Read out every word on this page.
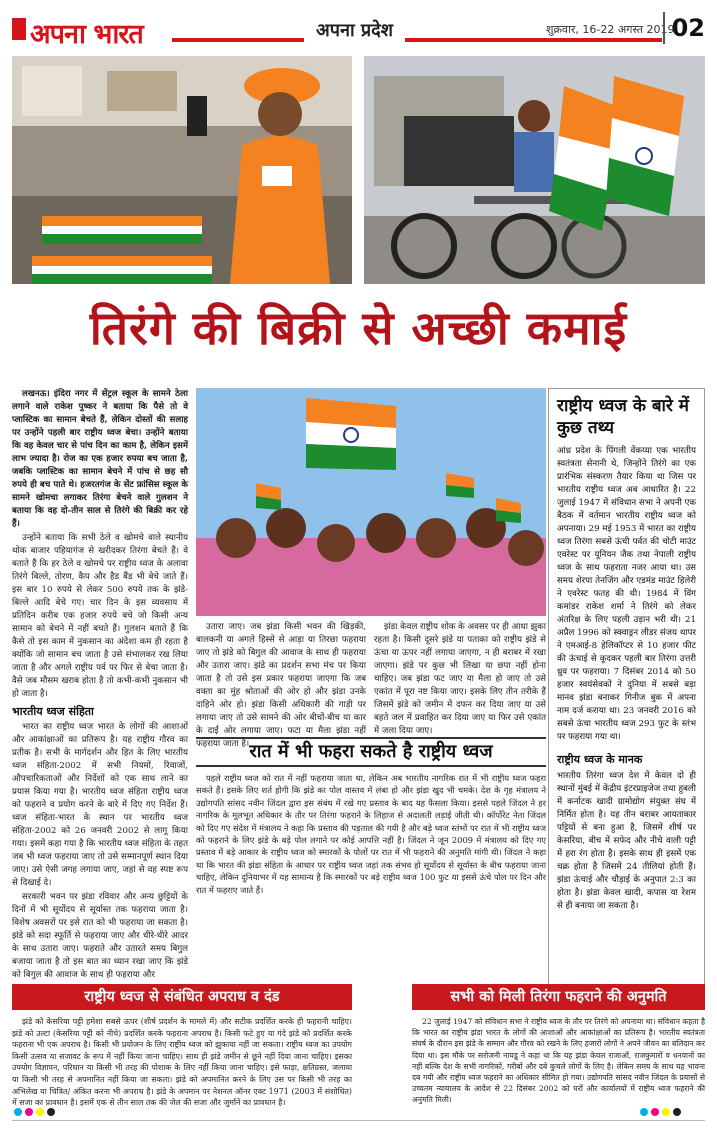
अपना भारत	अपना प्रदेश	शुक्रवार, 16-22 अगस्त 2019
02
तिरंगे की बिक्री से अच्छी कमाई

लखनऊ। इंदिरा नगर में सेंट्रल स्कूल के सामने ठेला लगाने वाले राकेश पुष्कर ने बताया कि पैसे तो वे प्लास्टिक का सामान बेचते हैं, लेकिन दोस्तों की सलाह पर उन्होंने पहली बार राष्ट्रीय ध्वज बेचा। उन्होंने बताया कि वह केवल चार से पांच दिन का काम है, लेकिन इसमें लाभ ज्यादा है। रोज का एक हजार रुपया बच जाता है, जबकि प्लास्टिक का सामान बेचने में पांच से छह सौ रुपये ही बच पाते थे। हजरतगंज के सेंट फ्रांसिस स्कूल के सामने खोमचा लगाकर तिरंगा बेचने वाले गुलशन ने बताया कि वह दो-तीन साल से तिरंगे की बिक्री कर रहे हैं।

उन्होंने बताया कि सभी ठेले व खोमचे वाले स्थानीय थोक बाजार पहियागंज से खरीदकर तिरंगा बेचते हैं। वे बताते हैं कि हर ठेले व खोमचे पर राष्ट्रीय ध्वज के अलावा तिरंगे बिल्ले, तोरण, कैप और हैड बैंड भी बेचे जाते हैं। इस बार 10 रुपये से लेकर 500 रुपये तक के झंडे-बिल्ले आदि बेचे गए। चार दिन के इस व्यवसाय में प्रतिदिन करीब एक हजार रुपये बचे जो किसी अन्य सामान को बेचने में नहीं बचते हैं। गुलशन बताते हैं कि कैसे तो इस काम में नुकसान का अंदेशा कम ही रहता है क्योंकि जो सामान बच जाता है उसे संभालकर रख लिया जाता है और अगले राष्ट्रीय पर्व पर फिर से बेचा जाता है। वैसे जब मौसम खराब होता है तो कभी-कभी नुकसान भी हो जाता है।

भारतीय ध्वज संहिता

भारत का राष्ट्रीय ध्वज भारत के लोगों की आशाओं और आकांक्षाओं का प्रतिरूप है। यह राष्ट्रीय गौरव का प्रतीक है। सभी के मार्गदर्शन और हित के लिए भारतीय ध्वज संहिता-2002 में सभी नियमों, रिवाजों, औपचारिकताओं और निर्देशों को एक साथ लाने का प्रयास किया गया है। भारतीय ध्वज संहिता राष्ट्रीय ध्वज को फहराने व प्रयोग करने के बारे में दिए गए निर्देश हैं। ध्वज संहिता-भारत के स्थान पर भारतीय ध्वज संहिता-2002 को 26 जनवरी 2002 से लागू किया गया। इसमें कहा गया है कि भारतीय ध्वज संहिता के तहत जब भी ध्वज फहराया जाए तो उसे सम्मानपूर्ण स्थान दिया जाए। उसे ऐसी जगह लगाया जाए, जहां से वह स्पष्ट रूप से दिखाई दे।

सरकारी भवन पर झंडा रविवार और अन्य छुट्टियों के दिनों में भी सूर्योदय से सूर्यास्त तक फहराया जाता है। विशेष अवसरों पर इसे रात को भी फहराया जा सकता है। झंडे को सदा स्फूर्ति से फहराया जाए और धीरे-धीरे आदर के साथ उतारा जाए। फहराते और उतारते समय बिगुल बजाया जाता है तो इस बात का ध्यान रखा जाए कि झंडे को बिगुल की आवाज के साथ ही फहराया और

उतारा जाए। जब झंडा किसी भवन की खिड़की, बालकनी या अगले हिस्से से आड़ा या तिरछा फहराया जाए तो झंडे को बिगुल की आवाज के साथ ही फहराया और उतारा जाए। झंडे का प्रदर्शन सभा मंच पर किया जाता है तो उसे इस प्रकार फहराया जाएगा कि जब वक्ता का मुंह श्रोताओं की ओर हो और झंडा उनके दाहिने ओर हो। झंडा किसी अधिकारी की गाड़ी पर लगाया जाए तो उसे सामने की ओर बीचों-बीच या कार के दाईं ओर लगाया जाए। फटा या मैला झंडा नहीं फहराया जाता है।

झंडा केवल राष्ट्रीय शोक के अवसर पर ही आधा झुका रहता है। किसी दूसरे झंडे या पताका को राष्ट्रीय झंडे से ऊंचा या ऊपर नहीं लगाया जाएगा, न ही बराबर में रखा जाएगा। झंडे पर कुछ भी लिखा या छपा नहीं होना चाहिए। जब झंडा फट जाए या मैला हो जाए तो उसे एकांत में पूरा नष्ट किया जाए। इसके लिए तीन तरीके हैं जिसमें झंडे को जमीन में दफन कर दिया जाए या उसे बहते जल में प्रवाहित कर दिया जाए या फिर उसे एकांत में जला दिया जाए।

रात में भी फहरा सकते है राष्ट्रीय ध्वज

पहले राष्ट्रीय ध्वज को रात में नहीं फहराया जाता था, लेकिन अब भारतीय नागरिक रात में भी राष्ट्रीय ध्वज फहरा सकते हैं। इसके लिए शर्त होगी कि झंडे का पोल वास्तव में लंबा हो और झंडा खुद भी चमके। देश के गृह मंत्रालय ने उद्योगपति सांसद नवीन जिंदल द्वारा इस संबंध में रखे गए प्रस्ताव के बाद यह फैसला किया। इससे पहले जिंदल ने हर नागरिक के मूलभूत अधिकार के तौर पर तिरंगा फहराने के लिहाज से अदालती लड़ाई जीती थी। कॉर्पोरेट नेता जिंदल को दिए गए संदेश में मंत्रालय ने कहा कि प्रस्ताव की पड़ताल की गयी है और बड़े ध्वज स्तंभों पर रात में भी राष्ट्रीय ध्वज को फहराने के लिए झंडे के बड़े पोल लगाने पर कोई आपत्ति नहीं है। जिंदल ने जून 2009 में मंत्रालय को दिए गए प्रस्ताव में बड़े आकार के राष्ट्रीय ध्वज को स्मारकों के पोलों पर रात में भी फहराने की अनुमति मांगी थी। जिंदल ने कहा था कि भारत की झंडा संहिता के आधार पर राष्ट्रीय ध्वज जहां तक संभव हो सूर्योदय से सूर्यास्त के बीच फहराया जाना चाहिए, लेकिन दुनियाभर में यह सामान्य है कि स्मारकों पर बड़े राष्ट्रीय ध्वज 100 फुट या इससे ऊंचे पोल पर दिन और रात में फहराए जाते हैं।

राष्ट्रीय ध्वज के बारे में कुछ तथ्य
आंध्र प्रदेश के पिंगली वेंकय्या एक भारतीय स्वतंत्रता सेनानी थे, जिन्होंने तिरंगे का एक प्रारंभिक संस्करण तैयार किया था जिस पर भारतीय राष्ट्रीय ध्वज अब आधारित है। 22 जुलाई 1947 में संविधान सभा ने अपनी एक बैठक में वर्तमान भारतीय राष्ट्रीय ध्वज को अपनाया। 29 मई 1953 में भारत का राष्ट्रीय ध्वज तिरंगा सबसे ऊंची पर्वत की चोटी माउंट एवरेस्ट पर यूनियन जैक तथा नेपाली राष्ट्रीय ध्वज के साथ फहराता नजर आया था। उस समय शेरपा तेनजिंग और एडमंड माउंट हिलेरी ने एवरेस्ट फतह की थी। 1984 में विंग कमांडर राकेश शर्मा ने तिरंगे को लेकर अंतरिक्ष के लिए पहली उड़ान भरी थी। 21 अप्रैल 1996 को स्क्वाड्रन लीडर संजय थापर ने एमआई-8 हेलिकॉप्टर से 10 हजार फीट की ऊंचाई से कूदकर पहली बार तिरंगा उत्तरी ध्रुव पर फहराया। 7 दिसंबर 2014 को 50 हजार स्वयंसेवकों ने दुनिया में सबसे बड़ा मानव झंडा बनाकर गिनीज बुक में अपना नाम दर्ज कराया था। 23 जनवरी 2016 को सबसे ऊंचा भारतीय ध्वज 293 फुट के स्तंभ पर फहराया गया था।
राष्ट्रीय ध्वज के मानक
भारतीय तिरंगा ध्वज देश में केवल दो ही स्थानों मुंबई में केंद्रीय इंटरप्राइजेज तथा हुबली में कर्नाटक खादी ग्रामोद्योग संयुक्त संघ में निर्मित होता है। यह तीन बराबर आयताकार पट्टियों से बना हुआ है, जिसमें शीर्ष पर केसरिया, बीच में सफेद और नीचे वाली पट्टी में हरा रंग होता है। इसके साथ ही इसमें एक चक्र होता है जिसमें 24 तीलियां होती हैं। झंडा ऊंचाई और चौड़ाई के अनुपात 2:3 का होता है। झंडा केवल खादी, कपास या रेशम से ही बनाया जा सकता है।
राष्ट्रीय ध्वज से संबंधित अपराध व दंड	सभी को मिली तिरंगा फहराने की अनुमति

झंडे को केसरिया पट्टी हमेशा सबसे ऊपर (शीर्ष प्रदर्शन के मामले में) और सटीक प्रदर्शित करके ही फहरानी चाहिए। झंडे को उल्टा (केसरिया पट्टी को नीचे) प्रदर्शित करके फहराना अपराध है। किसी फटे हुए या गंदे झंडे को प्रदर्शित करके फहराना भी एक अपराध है। किसी भी प्रयोजन के लिए राष्ट्रीय ध्वज को झुकाया नहीं जा सकता। राष्ट्रीय ध्वज का उपयोग किसी उत्सव या सजावट के रूप में नहीं किया जाना चाहिए। साथ ही झंडे जमीन से छूने नहीं दिया जाना चाहिए। इसका उपयोग विज्ञापन, परिधान या किसी भी तरह की पोशाक के लिए नहीं किया जाना चाहिए। इसे फाड़ा, क्षतिग्रस्त, जलाया या किसी भी तरह से अपमानित नहीं किया जा सकता। झंडे को अपमानित करने के लिए उस पर किसी भी तरह का अभिलेख या चित्रित/ अंकित करना भी अपराध है। झंडे के अपमान पर नेशनल ऑनर एक्ट 1971 (2003 में संशोधित) में सजा का प्रावधान है। इसमें एक से तीन साल तक की जेल की सजा और जुर्माने का प्रावधान है।

22 जुलाई 1947 को संविधान सभा ने राष्ट्रीय ध्वज के तौर पर तिरंगे को अपनाया था। संविधान कहता है कि भारत का राष्ट्रीय झंडा भारत के लोगों की आशाओं और आकांक्षाओं का प्रतिरूप है। भारतीय स्वतंत्रता संघर्ष के दौरान इस झंडे के सम्मान और गौरव को रखने के लिए हजारों लोगों ने अपने जीवन का बलिदान कर दिया था। इस मौके पर सरोजनी नायडू ने कहा था कि यह झंडा केवल राजाओं, राजकुमारों व धनवानों का नहीं बल्कि देश के सभी नागरिकों, गरीबों और दबे कुचले लोगों के लिए है। लेकिन समय के साथ यह भावना दब गयी और राष्ट्रीय ध्वज फहराने का अधिकार सीमित हो गया। उद्योगपति सांसद नवीन जिंदल के प्रयासों से उच्चतम न्यायालय के आदेश से 22 दिसंबर 2002 को घरों और कार्यालयों में राष्ट्रीय ध्वज फहराने की अनुमति मिली।
